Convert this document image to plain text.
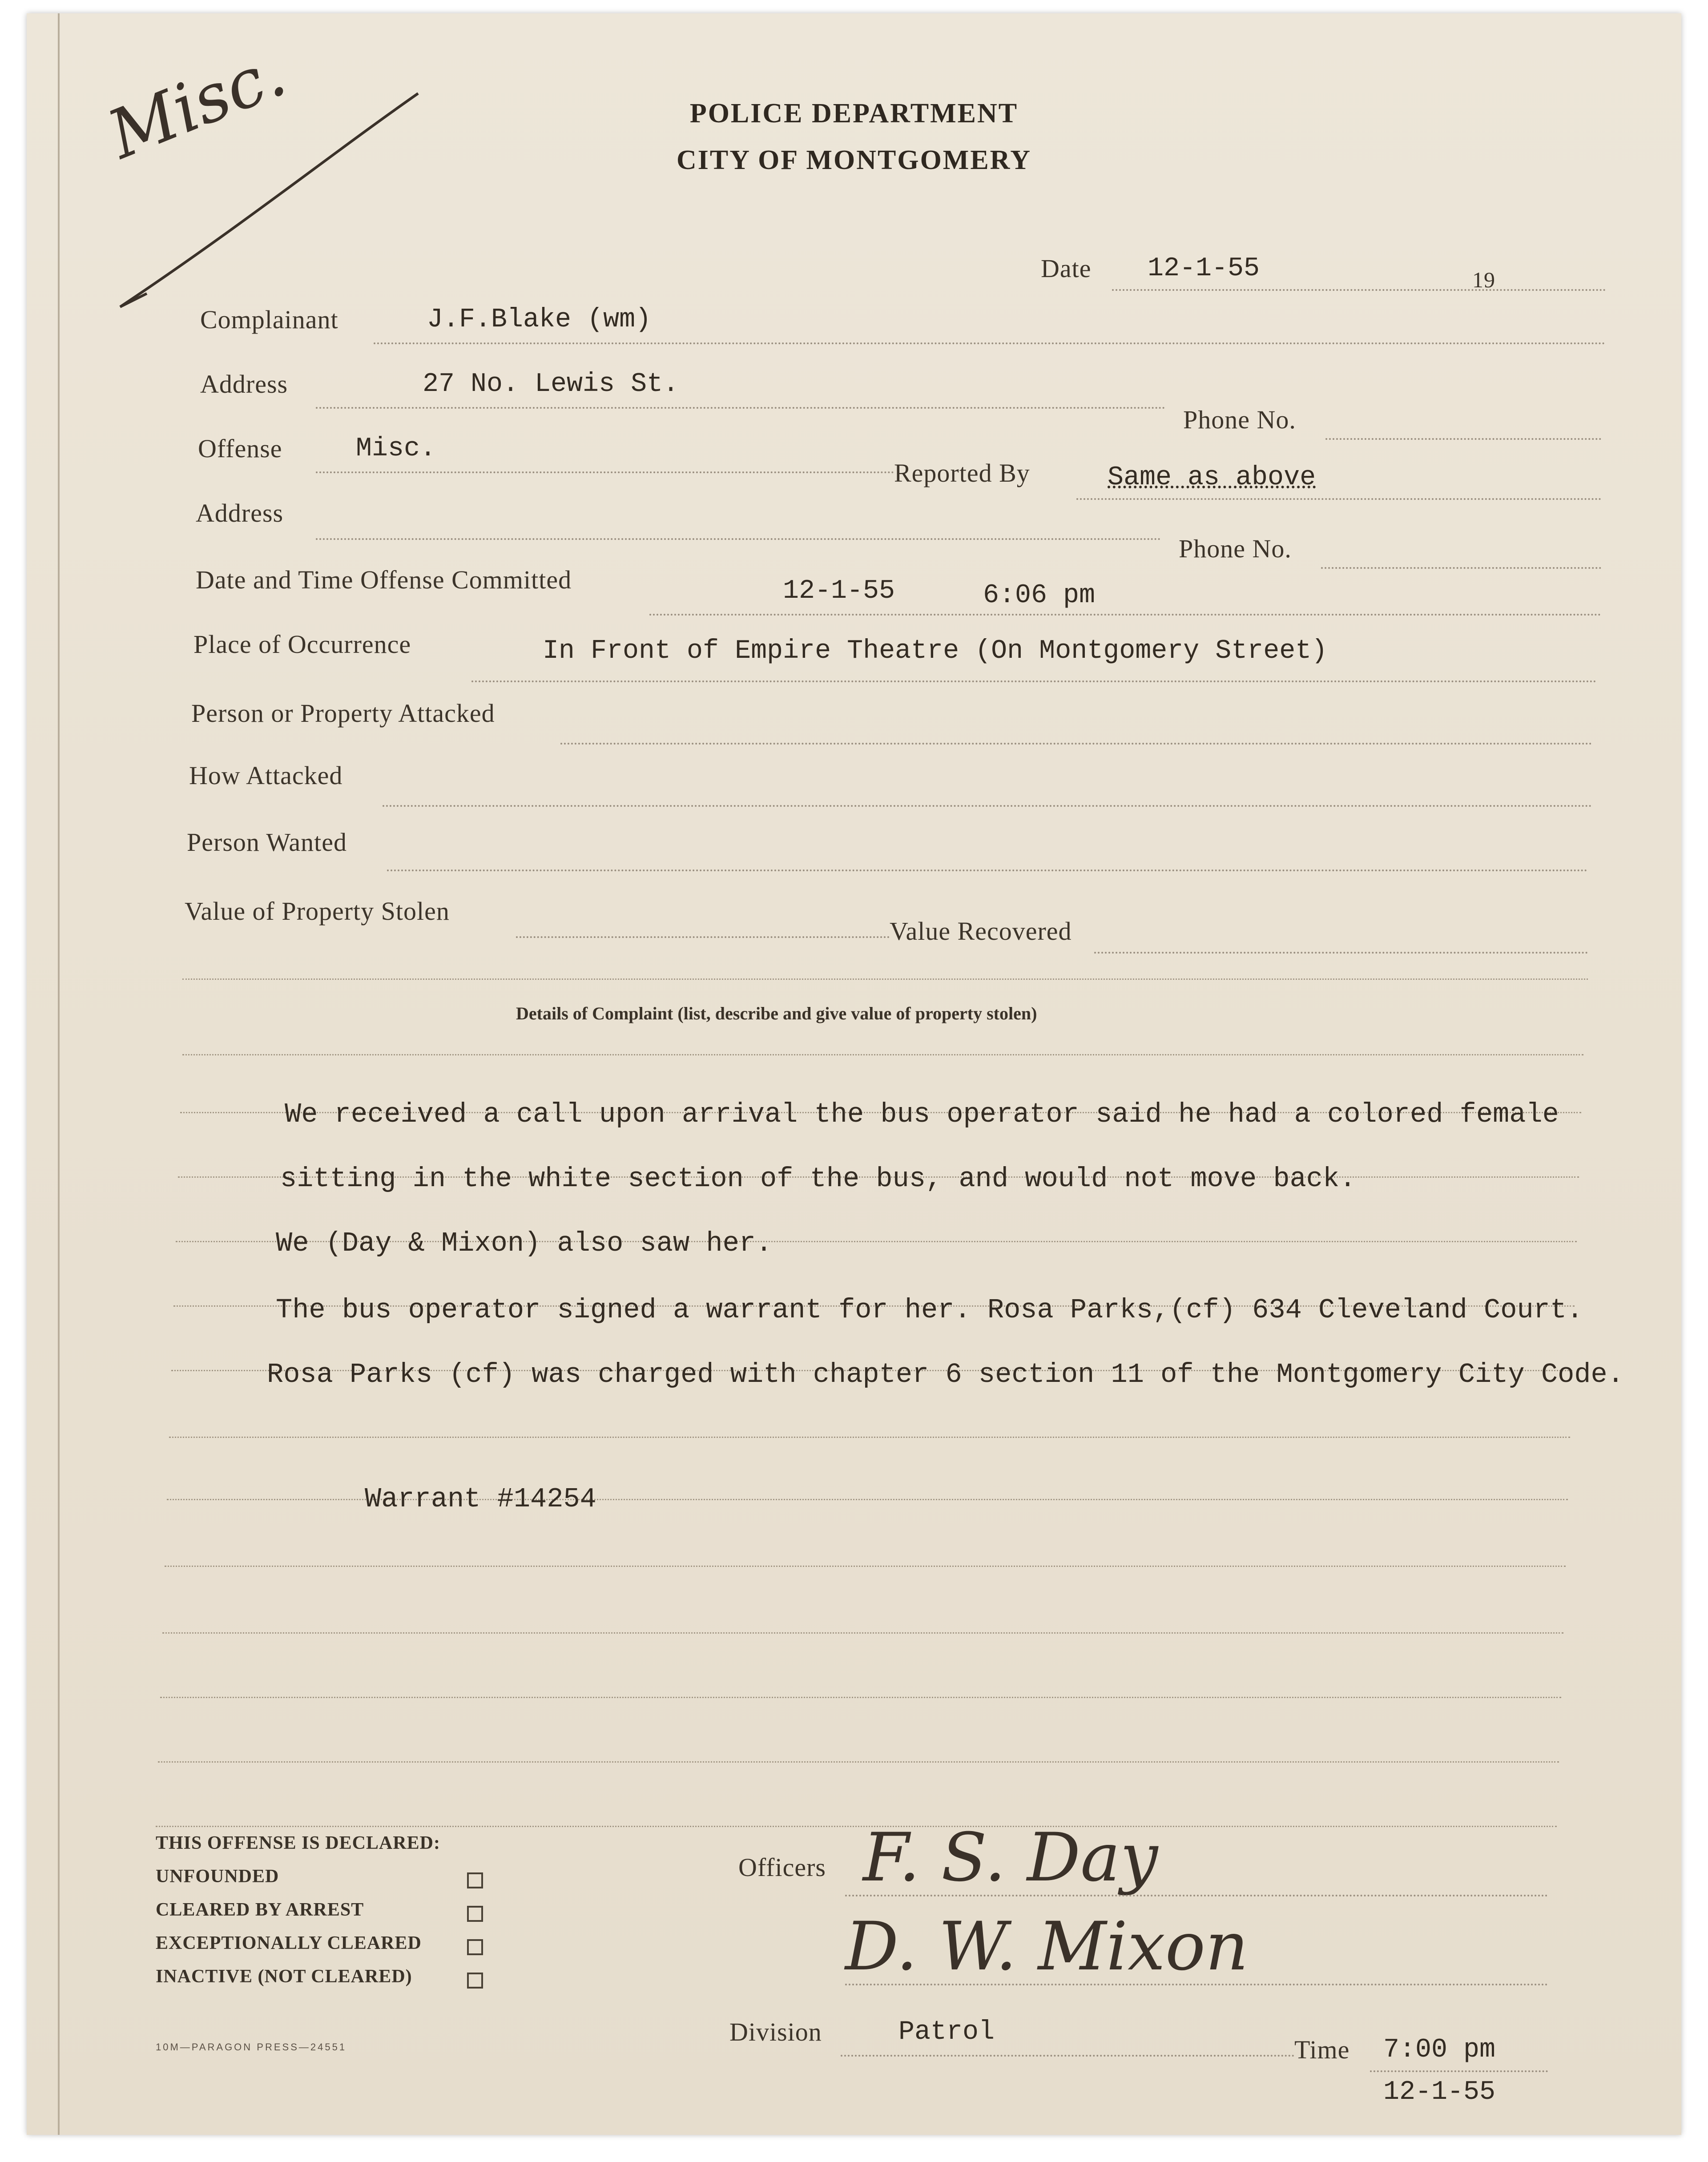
Misc.	POLICE DEPARTMENT
CITY OF MONTGOMERY
Date 12-1-55	19
Complainant	J.F.Blake (wm)
Address	27 No. Lewis St.
Phone No.
Offense	Misc.
Reported By	Same as above
Address
Phone No.
Date and Time Offense Committed	12-1-55	6:06 pm
Place of Occurrence	In Front of Empire Theatre (On Montgomery Street)
Person or Property Attacked
How Attacked
Person Wanted
Value of Property Stolen
Value Recovered
Details of Complaint (list, describe and give value of property stolen)
We received a call upon arrival the bus operator said he had a colored female
sitting in the white section of the bus, and would not move back.
We (Day & Mixon) also saw her.
The bus operator signed a warrant for her. Rosa Parks,(cf) 634 Cleveland Court.
Rosa Parks (cf) was charged with chapter 6 section 11 of the Montgomery City Code.
Warrant #14254
THIS OFFENSE IS DECLARED:
UNFOUNDED
CLEARED BY ARREST
EXCEPTIONALLY CLEARED
INACTIVE (NOT CLEARED)
Officers F. S. Day
D. W. Mixon
Division	Patrol
Time 7:00 pm
12-1-55
10M—PARAGON PRESS—24551
